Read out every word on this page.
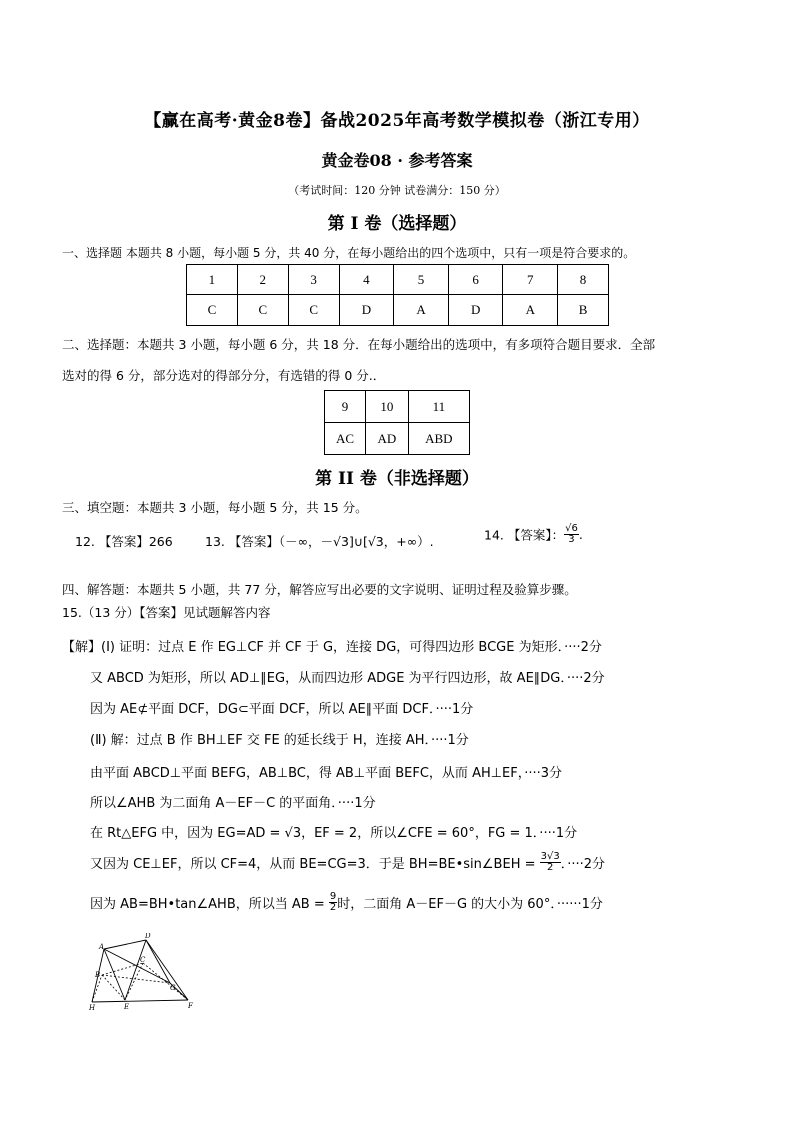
【赢在高考·黄金8卷】备战2025年高考数学模拟卷（浙江专用）
黄金卷08 · 参考答案
（考试时间：120 分钟 试卷满分：150 分）
第 I 卷（选择题）
一、选择题 本题共 8 小题，每小题 5 分，共 40 分，在每小题给出的四个选项中，只有一项是符合要求的。
1	2	3	4	5	6	7	8
C	C	C	D	A	D	A	B
二、选择题：本题共 3 小题，每小题 6 分，共 18 分．在每小题给出的选项中，有多项符合题目要求．全部
选对的得 6 分，部分选对的得部分分，有选错的得 0 分.．
9	10	11
AC	AD	ABD
第 II 卷（非选择题）
三、填空题：本题共 3 小题，每小题 5 分，共 15 分。
12. 【答案】266	13. 【答案】（－∞，－√3]∪[√3，+∞）.	14. 【答案】： $\frac{√6}{3}$ .
四、解答题：本题共 5 小题，共 77 分，解答应写出必要的文字说明、证明过程及验算步骤。
15.（13 分）【答案】见试题解答内容
【解】(Ⅰ) 证明：过点 E 作 EG⊥CF 并 CF 于 G，连接 DG，可得四边形 BCGE 为矩形．····2分
又 ABCD 为矩形，所以 AD⊥∥EG，从而四边形 ADGE 为平行四边形，故 AE∥DG．····2分
因为 AE⊄平面 DCF，DG⊂平面 DCF，所以 AE∥平面 DCF．····1分
(Ⅱ) 解：过点 B 作 BH⊥EF 交 FE 的延长线于 H，连接 AH．····1分
由平面 ABCD⊥平面 BEFG，AB⊥BC，得 AB⊥平面 BEFC，从而 AH⊥EF，····3分
所以∠AHB 为二面角 A－EF－C 的平面角．····1分
在 Rt△EFG 中，因为 EG=AD = √3，EF = 2，所以∠CFE = 60°，FG = 1．····1分
又因为 CE⊥EF，所以 CF=4，从而 BE=CG=3．于是 BH=BE•sin∠BEH = $\frac{3√3}{2}$ ．····2分
因为 AB=BH•tan∠AHB，所以当 AB = $\frac{9}{2}$ 时，二面角 A－EF－G 的大小为 60°．······1分
D
A
C
B
G
H	E	F
